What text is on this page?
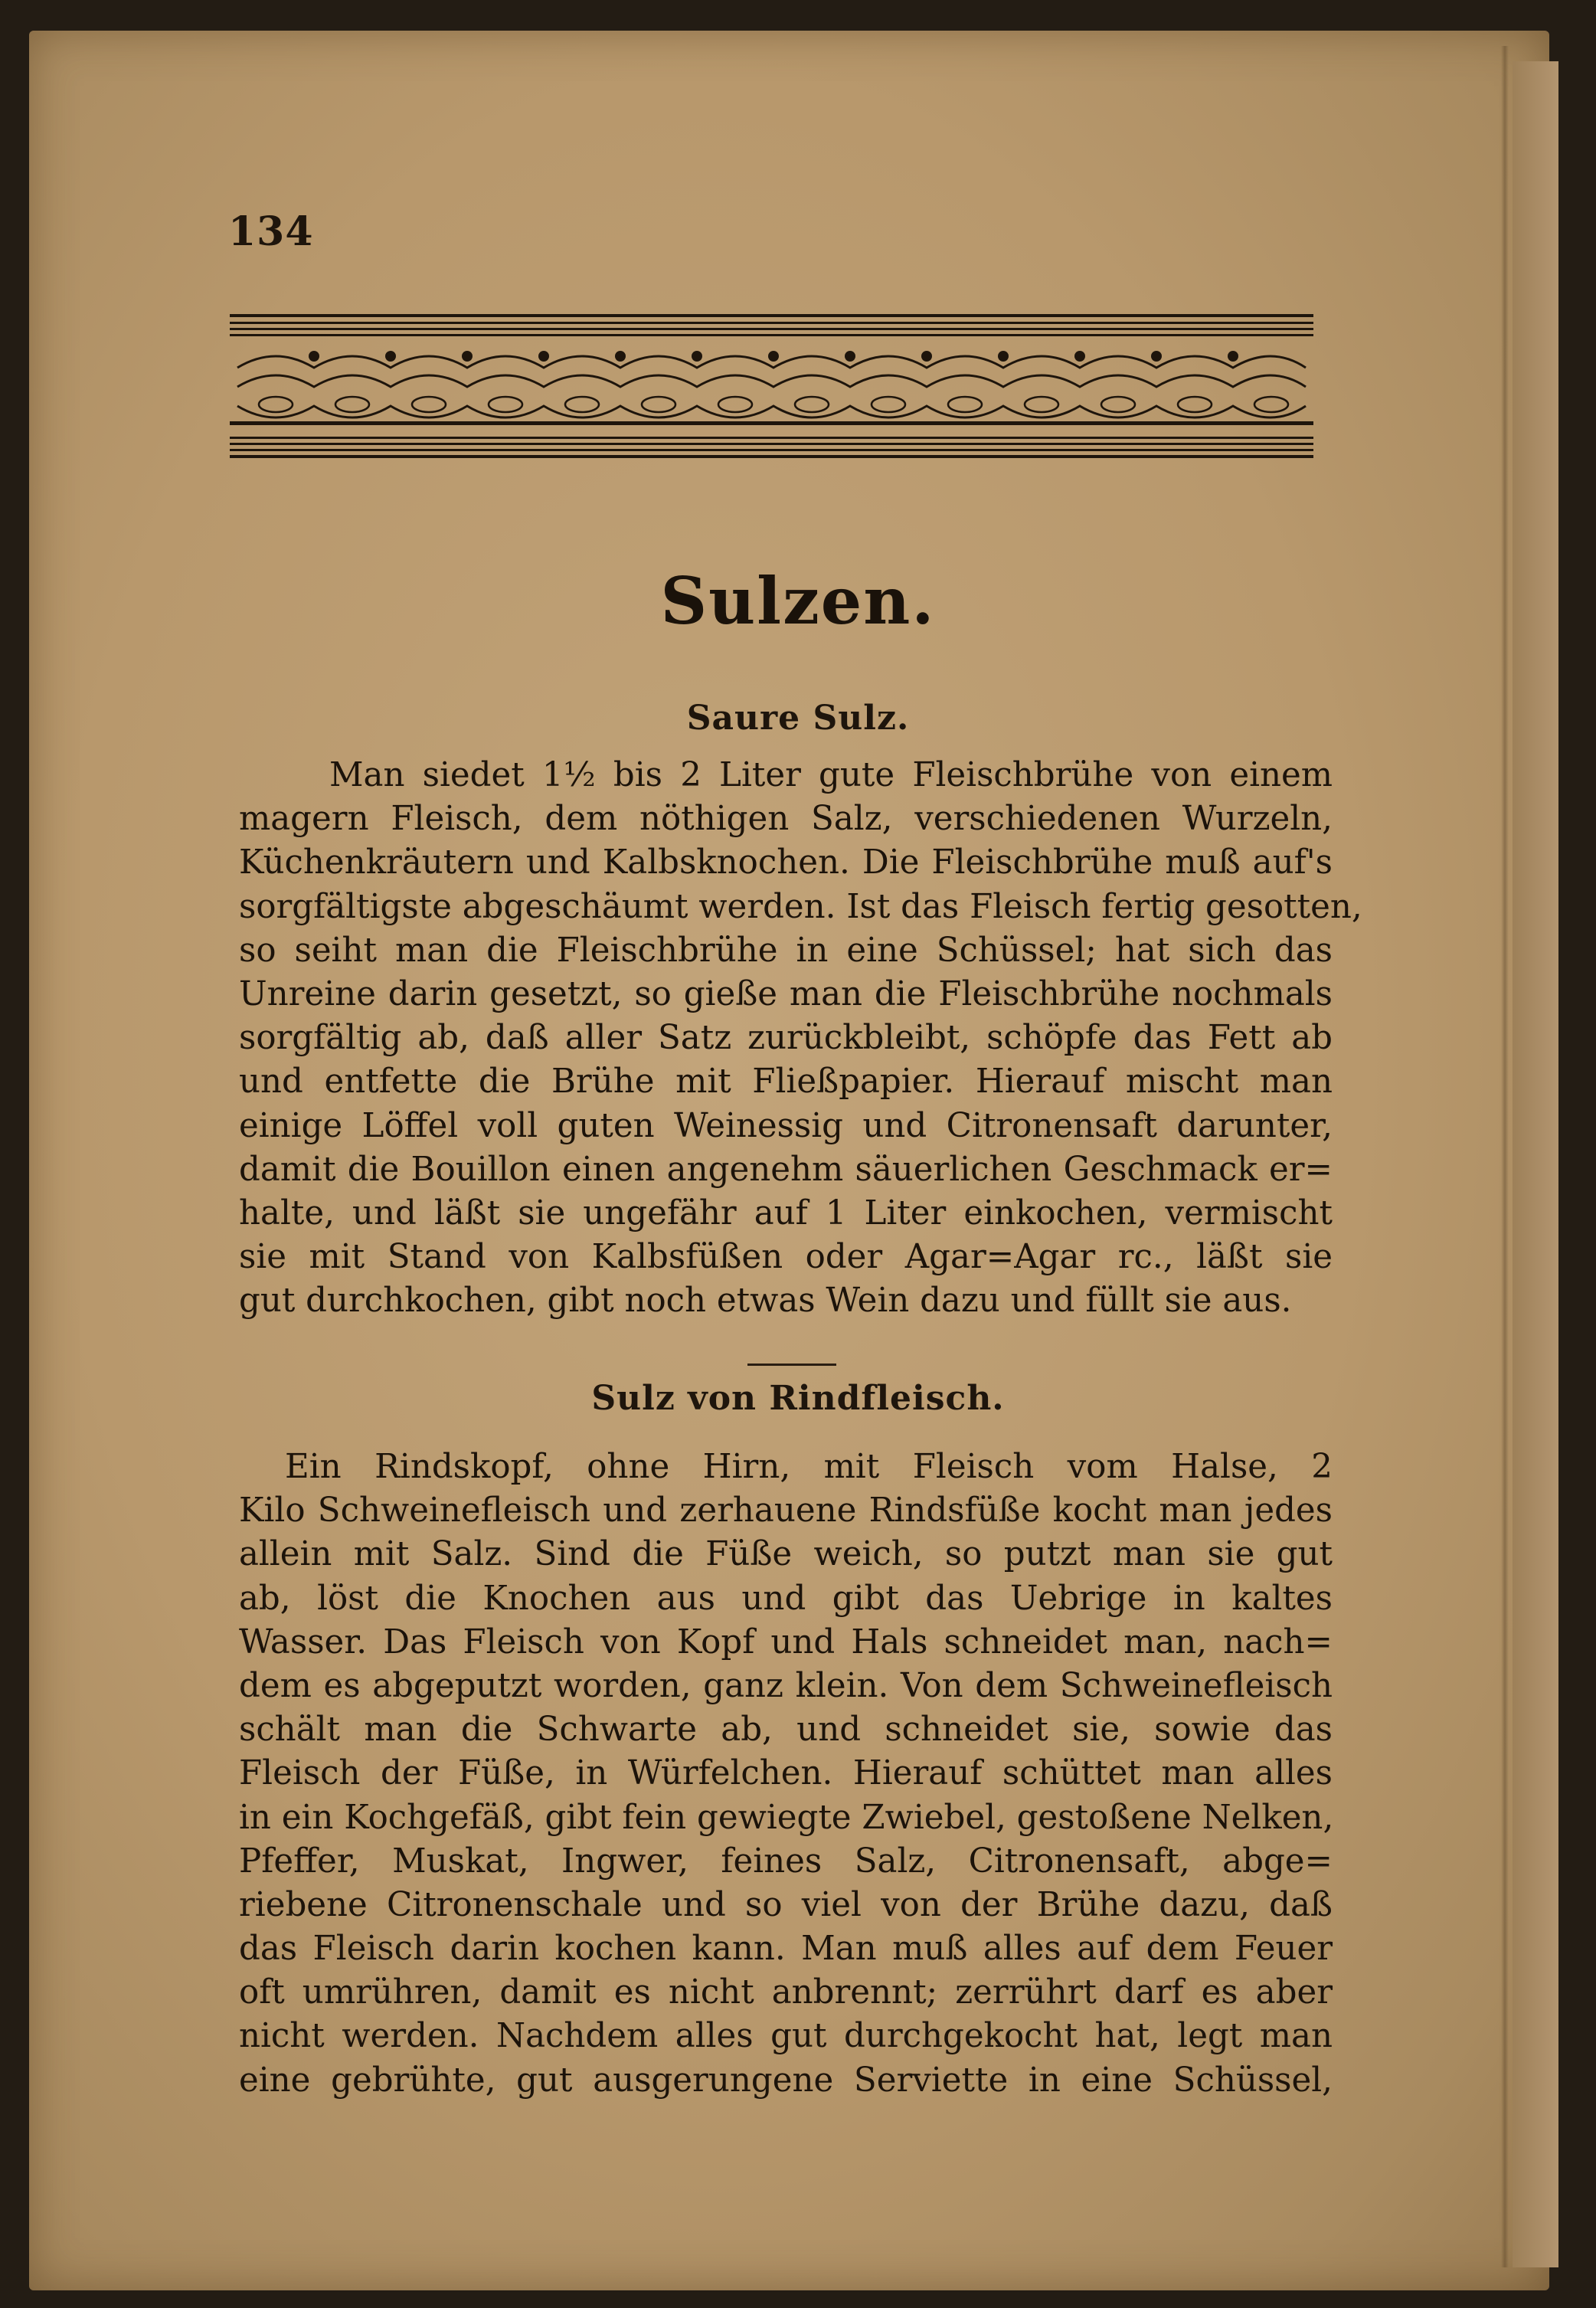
134
Sulzen.
Saure Sulz.
Man siedet 1½ bis 2 Liter gute Fleischbrühe von einem
magern Fleisch, dem nöthigen Salz, verschiedenen Wurzeln,
Küchenkräutern und Kalbsknochen. Die Fleischbrühe muß auf's
sorgfältigste abgeschäumt werden. Ist das Fleisch fertig gesotten,
so seiht man die Fleischbrühe in eine Schüssel; hat sich das
Unreine darin gesetzt, so gieße man die Fleischbrühe nochmals
sorgfältig ab, daß aller Satz zurückbleibt, schöpfe das Fett ab
und entfette die Brühe mit Fließpapier. Hierauf mischt man
einige Löffel voll guten Weinessig und Citronensaft darunter,
damit die Bouillon einen angenehm säuerlichen Geschmack er=
halte, und läßt sie ungefähr auf 1 Liter einkochen, vermischt
sie mit Stand von Kalbsfüßen oder Agar=Agar rc., läßt sie
gut durchkochen, gibt noch etwas Wein dazu und füllt sie aus.
Sulz von Rindfleisch.
Ein Rindskopf, ohne Hirn, mit Fleisch vom Halse, 2
Kilo Schweinefleisch und zerhauene Rindsfüße kocht man jedes
allein mit Salz. Sind die Füße weich, so putzt man sie gut
ab, löst die Knochen aus und gibt das Uebrige in kaltes
Wasser. Das Fleisch von Kopf und Hals schneidet man, nach=
dem es abgeputzt worden, ganz klein. Von dem Schweinefleisch
schält man die Schwarte ab, und schneidet sie, sowie das
Fleisch der Füße, in Würfelchen. Hierauf schüttet man alles
in ein Kochgefäß, gibt fein gewiegte Zwiebel, gestoßene Nelken,
Pfeffer, Muskat, Ingwer, feines Salz, Citronensaft, abge=
riebene Citronenschale und so viel von der Brühe dazu, daß
das Fleisch darin kochen kann. Man muß alles auf dem Feuer
oft umrühren, damit es nicht anbrennt; zerrührt darf es aber
nicht werden. Nachdem alles gut durchgekocht hat, legt man
eine gebrühte, gut ausgerungene Serviette in eine Schüssel,
